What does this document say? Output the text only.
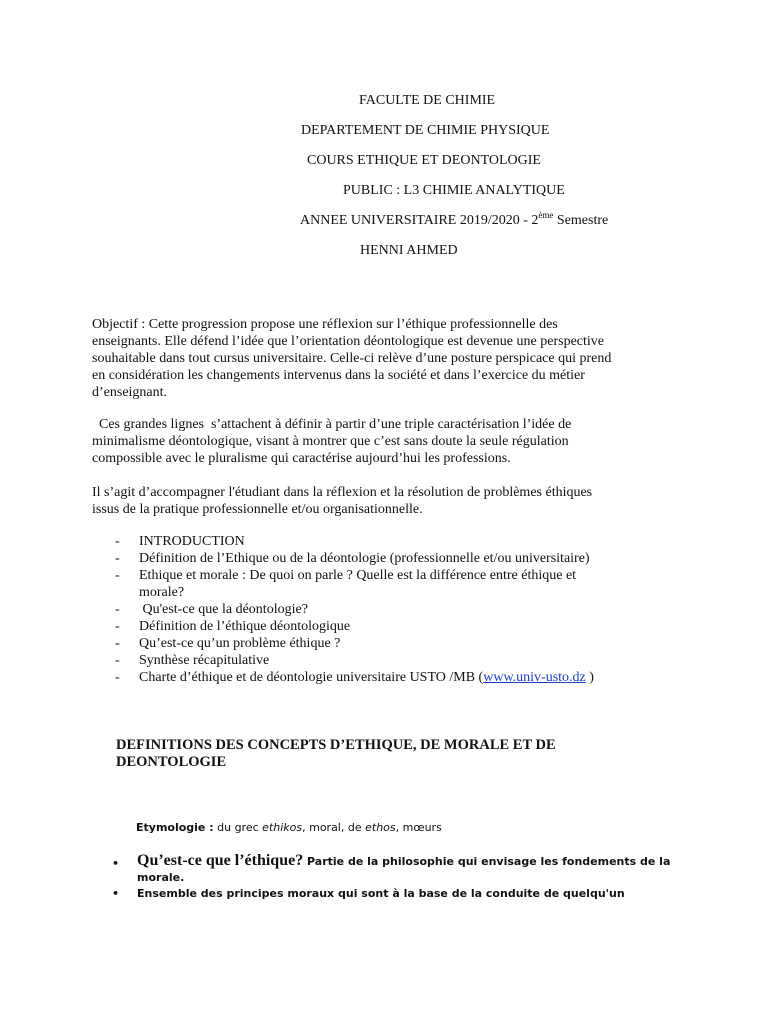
FACULTE DE CHIMIE
DEPARTEMENT DE CHIMIE PHYSIQUE
COURS ETHIQUE ET DEONTOLOGIE
PUBLIC : L3 CHIMIE ANALYTIQUE
ANNEE UNIVERSITAIRE 2019/2020 - 2ème Semestre
HENNI AHMED

Objectif : Cette progression propose une réflexion sur l’éthique professionnelle des
enseignants. Elle défend l’idée que l’orientation déontologique est devenue une perspective
souhaitable dans tout cursus universitaire. Celle-ci relève d’une posture perspicace qui prend
en considération les changements intervenus dans la société et dans l’exercice du métier
d’enseignant.

Ces grandes lignes  s’attachent à définir à partir d’une triple caractérisation l’idée de
minimalisme déontologique, visant à montrer que c’est sans doute la seule régulation
compossible avec le pluralisme qui caractérise aujourd’hui les professions.

Il s’agit d’accompagner l'étudiant dans la réflexion et la résolution de problèmes éthiques
issus de la pratique professionnelle et/ou organisationnelle.

- INTRODUCTION
- Définition de l’Ethique ou de la déontologie (professionnelle et/ou universitaire)
- Ethique et morale : De quoi on parle ? Quelle est la différence entre éthique et
morale?
- Qu'est-ce que la déontologie?
- Définition de l’éthique déontologique
- Qu’est-ce qu’un problème éthique ?
- Synthèse récapitulative
- Charte d’éthique et de déontologie universitaire USTO /MB (www.univ-usto.dz )
DEFINITIONS DES CONCEPTS D’ETHIQUE, DE MORALE ET DE
DEONTOLOGIE
Etymologie : du grec ethikos, moral, de ethos, mœurs
• Qu’est-ce que l’éthique? Partie de la philosophie qui envisage les fondements de la
morale.
• Ensemble des principes moraux qui sont à la base de la conduite de quelqu'un
